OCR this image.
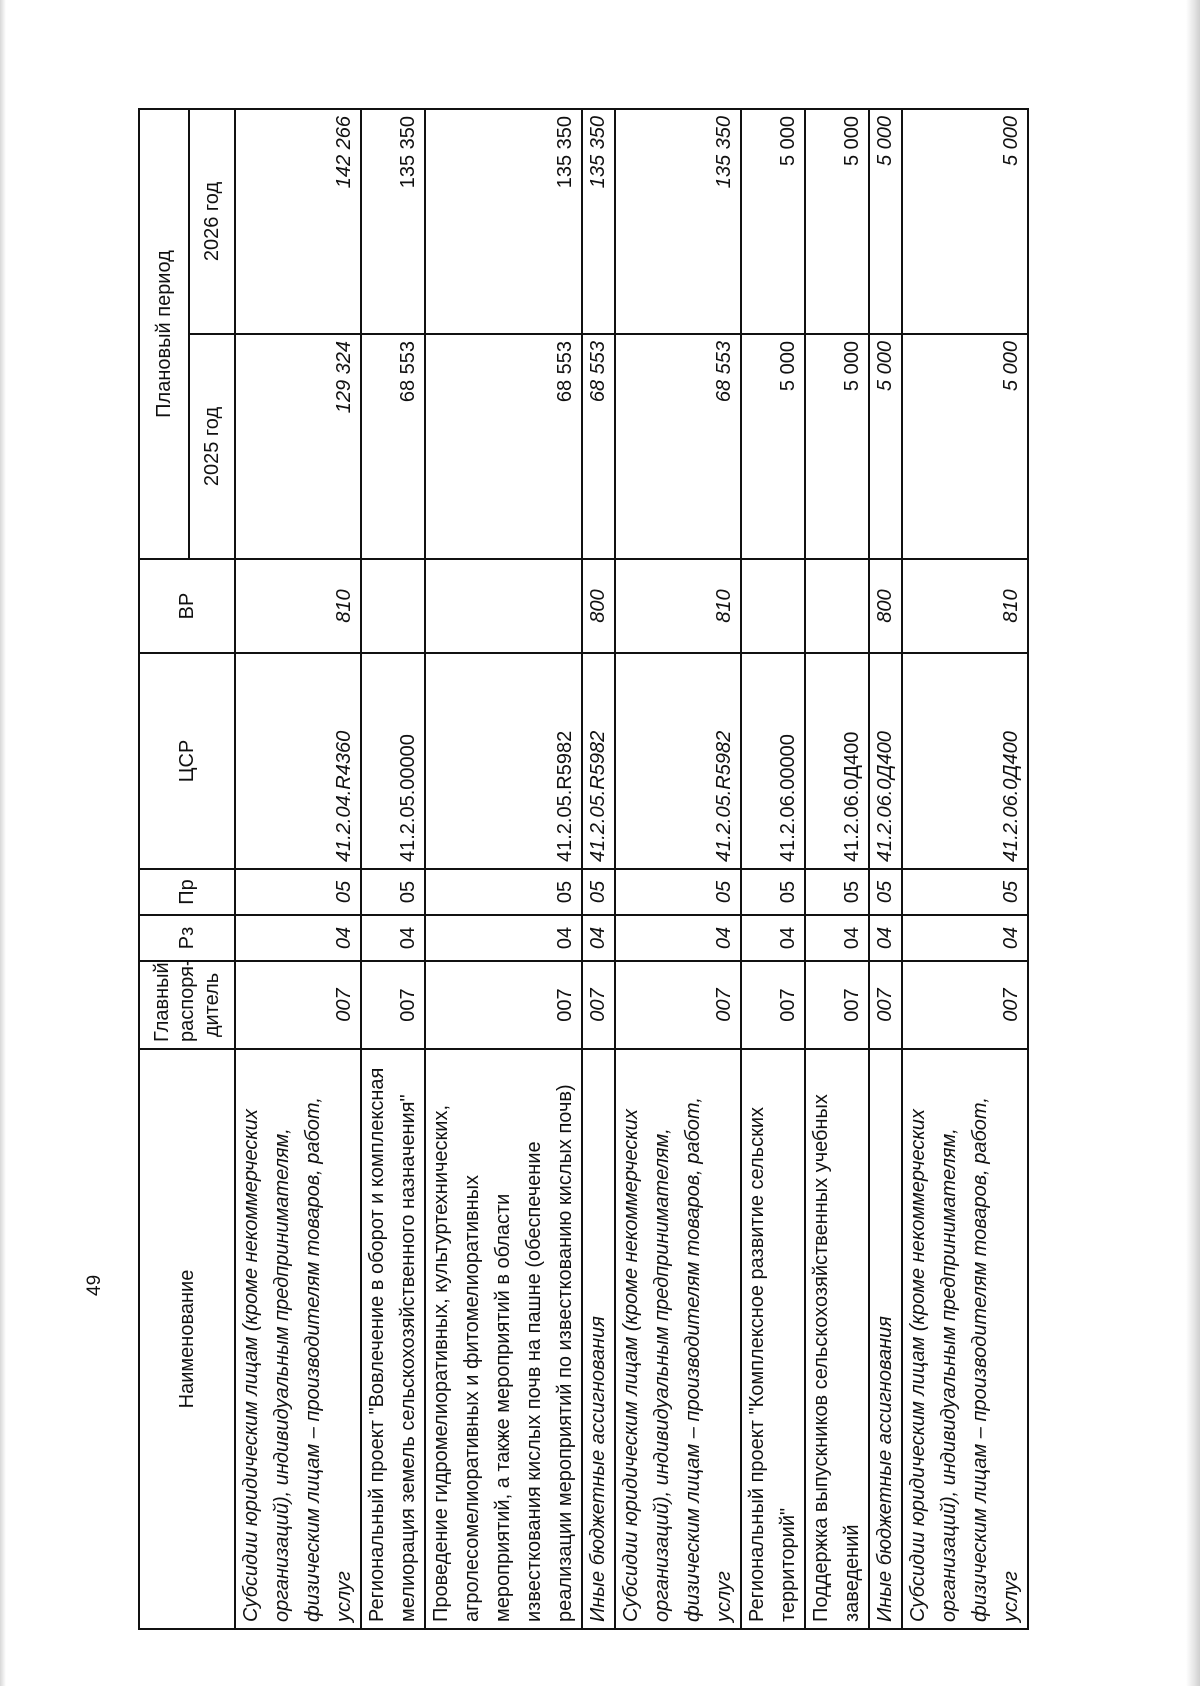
49	Наименование	Главный распоря- дитель	Рз	Пр	ЦСР	ВР	Плановый период	
						2025 год	2026 год
Субсидии юридическим лицам (кроме некоммерческих организаций), индивидуальным предпринимателям, физическим лицам – производителям товаров, работ, услуг	007	04	05	41.2.04.R4360	810	129 324	142 266
Региональный проект "Вовлечение в оборот и комплексная мелиорация земель сельскохозяйственного назначения"	007	04	05	41.2.05.00000		68 553	135 350
Проведение гидромелиоративных, культуртехнических, агролесомелиоративных и фитомелиоративных мероприятий, а также мероприятий в области известкования кислых почв на пашне (обеспечение реализации мероприятий по известкованию кислых почв)	007	04	05	41.2.05.R5982		68 553	135 350
Иные бюджетные ассигнования	007	04	05	41.2.05.R5982	800	68 553	135 350
Субсидии юридическим лицам (кроме некоммерческих организаций), индивидуальным предпринимателям, физическим лицам – производителям товаров, работ, услуг	007	04	05	41.2.05.R5982	810	68 553	135 350
Региональный проект "Комплексное развитие сельских территорий"	007	04	05	41.2.06.00000		5 000	5 000
Поддержка выпускников сельскохозяйственных учебных заведений	007	04	05	41.2.06.0Д400		5 000	5 000
Иные бюджетные ассигнования	007	04	05	41.2.06.0Д400	800	5 000	5 000
Субсидии юридическим лицам (кроме некоммерческих организаций), индивидуальным предпринимателям, физическим лицам – производителям товаров, работ, услуг	007	04	05	41.2.06.0Д400	810	5 000	5 000
